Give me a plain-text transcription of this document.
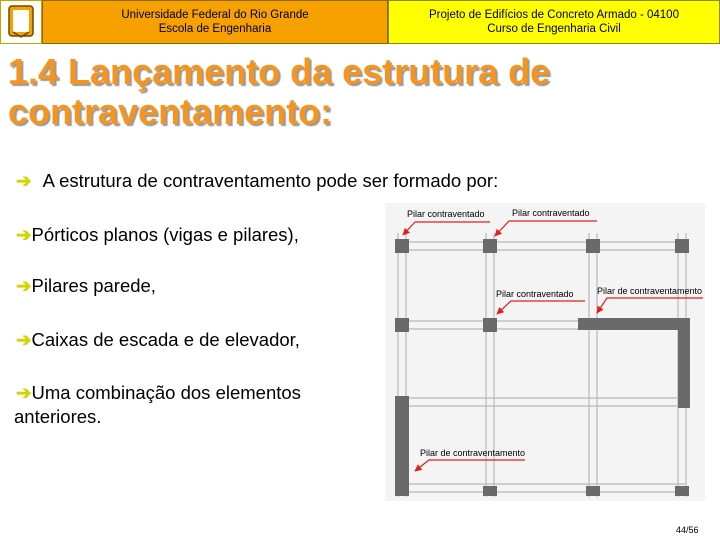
Universidade Federal do Rio Grande
Escola de Engenharia
Projeto de Edifícios de Concreto Armado - 04100
Curso de Engenharia Civil
1.4 Lançamento da estrutura de
contraventamento:
➔ A estrutura de contraventamento pode ser formado por:
➔Pórticos planos (vigas e pilares),
➔Pilares parede,
➔Caixas de escada e de elevador,
➔Uma combinação dos elementos
anteriores.
Pilar contraventado	Pilar contraventado
Pilar contraventado	Pilar de contraventamento
Pilar de contraventamento
44/56
